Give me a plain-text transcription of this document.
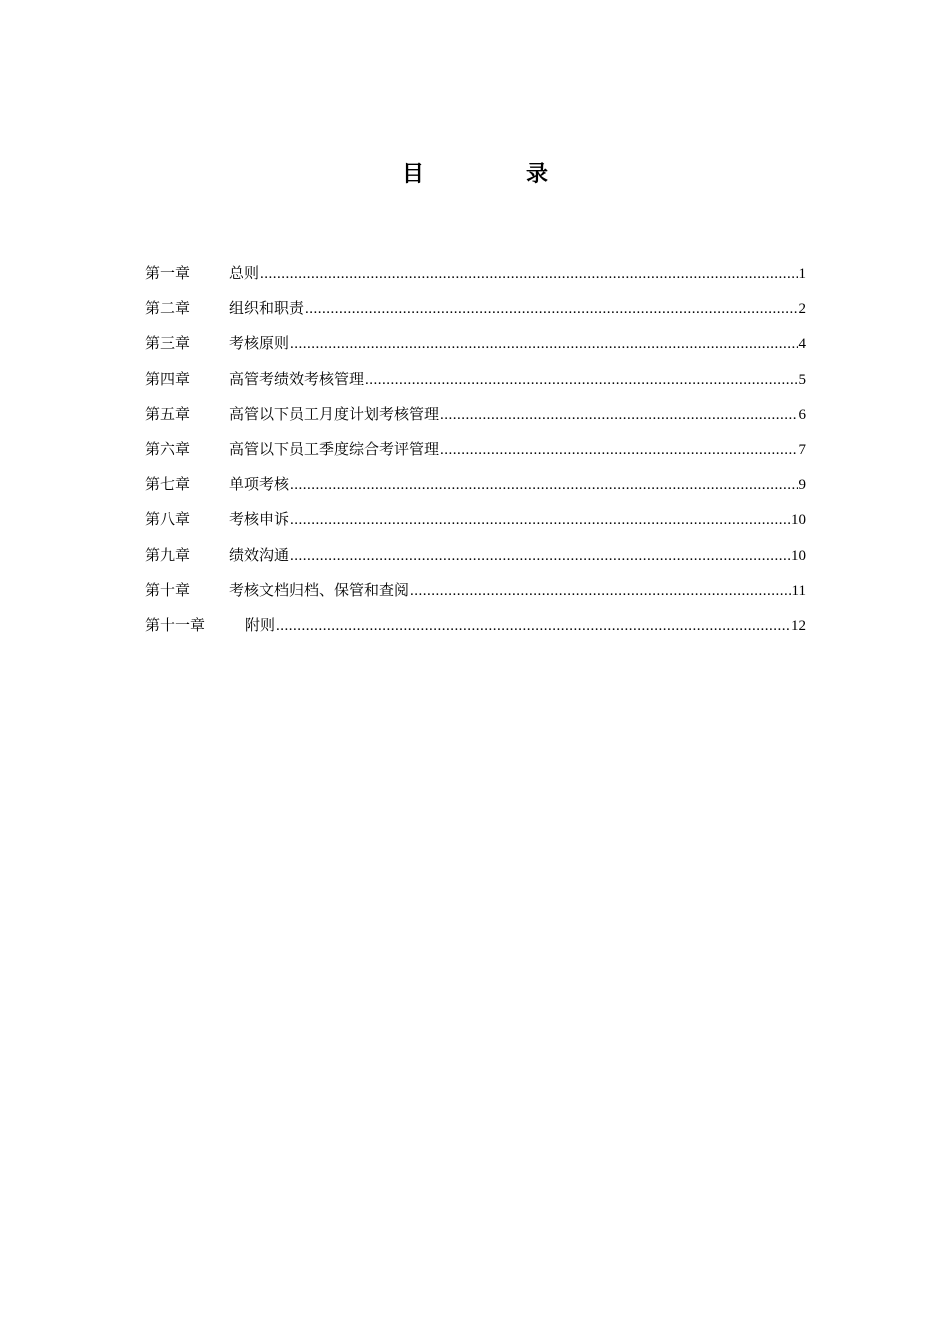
目　录
第一章	总则 .....	1
第二章	组织和职责 .....	2
第三章	考核原则 .....	4
第四章	高管考绩效考核管理 .....	5
第五章	高管以下员工月度计划考核管理 .....	6
第六章	高管以下员工季度综合考评管理 .....	7
第七章	单项考核 .....	9
第八章	考核申诉 .....	10
第九章	绩效沟通 .....	10
第十章	考核文档归档、保管和查阅 .....	11
第十一章	附则 .....	12
